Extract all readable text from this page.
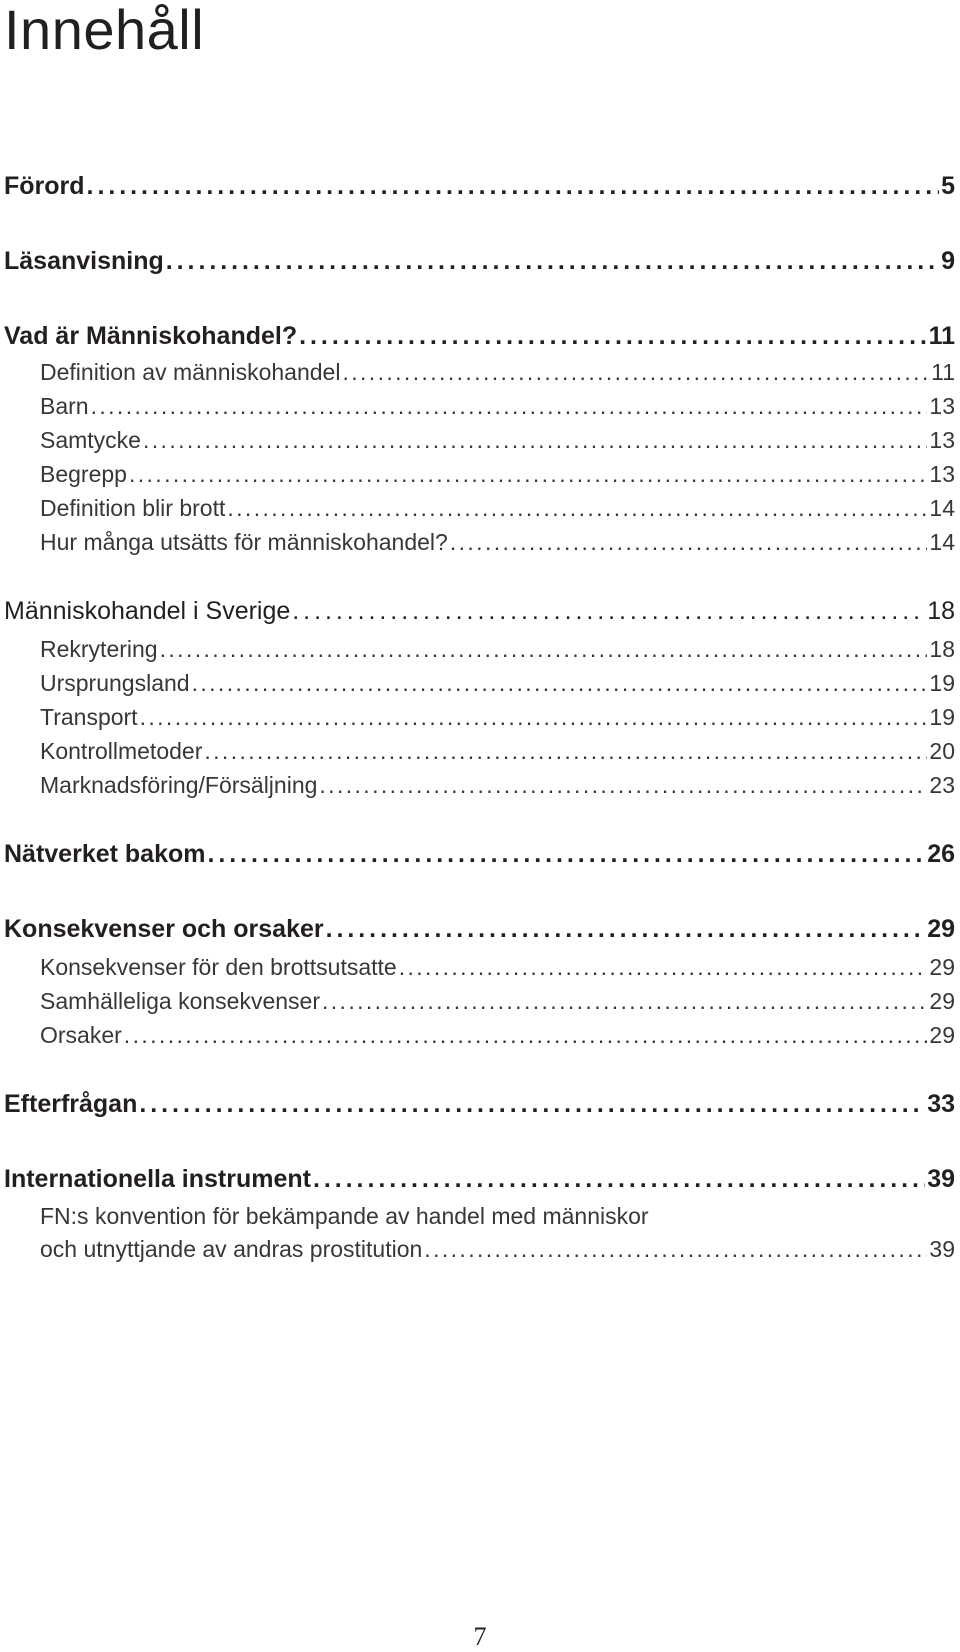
Innehåll
Förord . . .	5
Läsanvisning . . .	9
Vad är Människohandel? . . .	11
Definition av människohandel . . .	11
Barn . . .	13
Samtycke . . .	13
Begrepp . . .	13
Definition blir brott . . .	14
Hur många utsätts för människohandel? . . .	14
Människohandel i Sverige . . .	18
Rekrytering . . .	18
Ursprungsland . . .	19
Transport . . .	19
Kontrollmetoder . . .	20
Marknadsföring/Försäljning . . .	23
Nätverket bakom . . .	26
Konsekvenser och orsaker . . .	29
Konsekvenser för den brottsutsatte . . .	29
Samhälleliga konsekvenser . . .	29
Orsaker . . .	29
Efterfrågan . . .	33
Internationella instrument . . .	39
FN:s konvention för bekämpande av handel med människor
och utnyttjande av andras prostitution . . .	39
7
